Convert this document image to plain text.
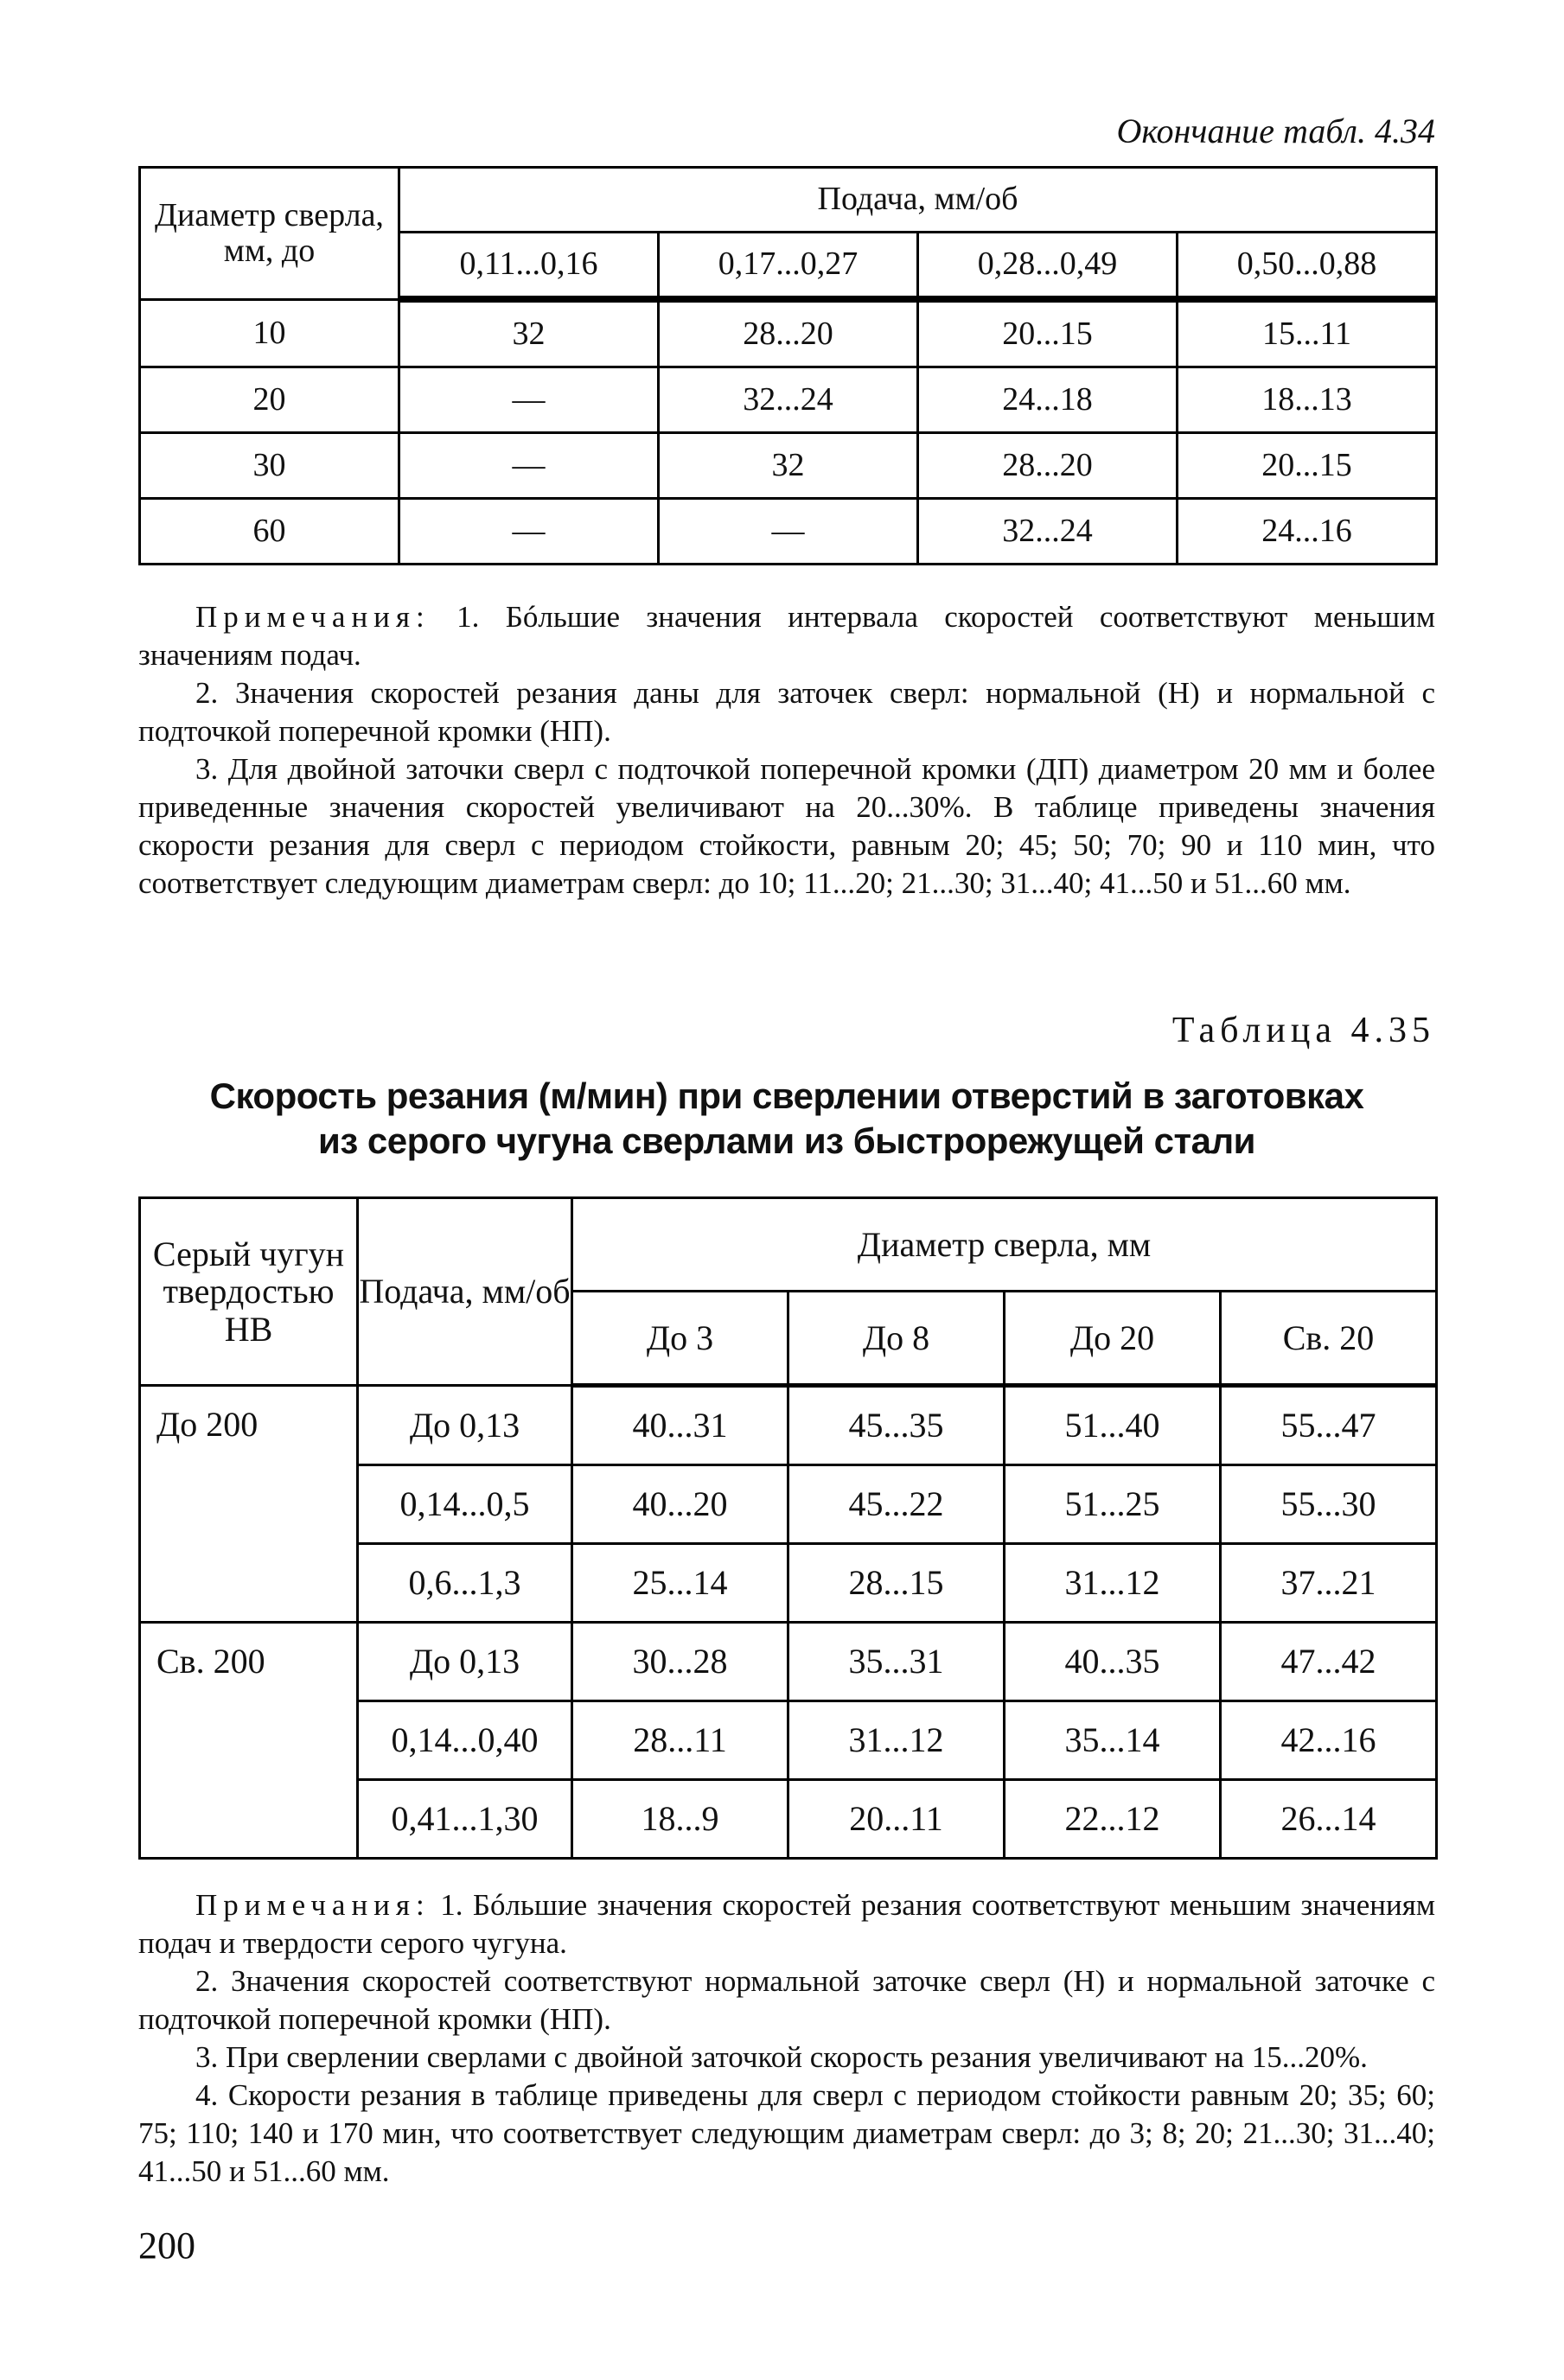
Окончание табл. 4.34
Диаметр сверла, мм, до	Подача, мм/об			
	0,11...0,16	0,17...0,27	0,28...0,49	0,50...0,88
10	32	28...20	20...15	15...11
20	—	32...24	24...18	18...13
30	—	32	28...20	20...15
60	—	—	32...24	24...16

Примечания: 1. Бóльшие значения интервала скоростей соответствуют меньшим значениям подач.

2. Значения скоростей резания даны для заточек сверл: нормальной (Н) и нормальной с подточкой поперечной кромки (НП).

3. Для двойной заточки сверл с подточкой поперечной кромки (ДП) диаметром 20 мм и более приведенные значения скоростей увеличивают на 20...30%. В таблице приведены значения скорости резания для сверл с периодом стойкости, равным 20; 45; 50; 70; 90 и 110 мин, что соответствует следующим диаметрам сверл: до 10; 11...20; 21...30; 31...40; 41...50 и 51...60 мм.

Таблица 4.35
Скорость резания (м/мин) при сверлении отверстий в заготовках
из серого чугуна сверлами из быстрорежущей стали
Серый чугун твердостью НВ	Подача, мм/об	Диаметр сверла, мм			
		До 3	До 8	До 20	Св. 20
До 200	До 0,13	40...31	45...35	51...40	55...47
	0,14...0,5	40...20	45...22	51...25	55...30
	0,6...1,3	25...14	28...15	31...12	37...21
Св. 200	До 0,13	30...28	35...31	40...35	47...42
	0,14...0,40	28...11	31...12	35...14	42...16
	0,41...1,30	18...9	20...11	22...12	26...14

Примечания: 1. Бóльшие значения скоростей резания соответствуют меньшим значениям подач и твердости серого чугуна.

2. Значения скоростей соответствуют нормальной заточке сверл (Н) и нормальной заточке с подточкой поперечной кромки (НП).

3. При сверлении сверлами с двойной заточкой скорость резания увеличивают на 15...20%.

4. Скорости резания в таблице приведены для сверл с периодом стойкости равным 20; 35; 60; 75; 110; 140 и 170 мин, что соответствует следующим диаметрам сверл: до 3; 8; 20; 21...30; 31...40; 41...50 и 51...60 мм.

200
